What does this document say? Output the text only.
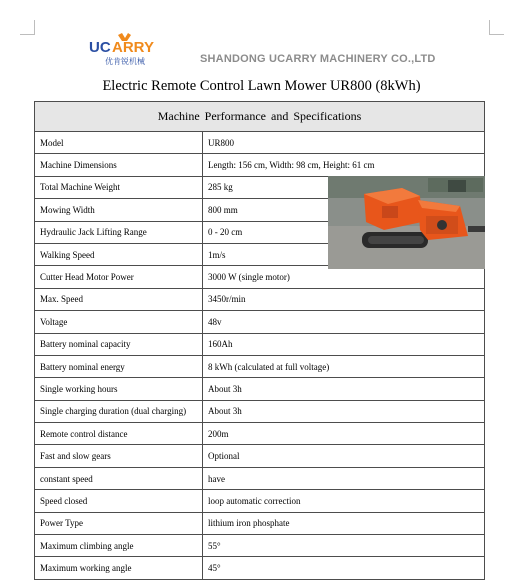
UC ARRY
优肯锐机械	SHANDONG UCARRY MACHINERY CO.,LTD
Electric Remote Control Lawn Mower UR800 (8kWh)
Machine Performance and Specifications	
Model	UR800
Machine Dimensions	Length: 156 cm, Width: 98 cm, Height: 61 cm
Total Machine Weight	285 kg
Mowing Width	800 mm
Hydraulic Jack Lifting Range	0 - 20 cm
Walking Speed	1m/s
Cutter Head Motor Power	3000 W (single motor)
Max. Speed	3450r/min
Voltage	48v
Battery nominal capacity	160Ah
Battery nominal energy	8 kWh (calculated at full voltage)
Single working hours	About 3h
Single charging duration (dual charging)	About 3h
Remote control distance	200m
Fast and slow gears	Optional
constant speed	have
Speed closed	loop automatic correction
Power Type	lithium iron phosphate
Maximum climbing angle	55°
Maximum working angle	45°
